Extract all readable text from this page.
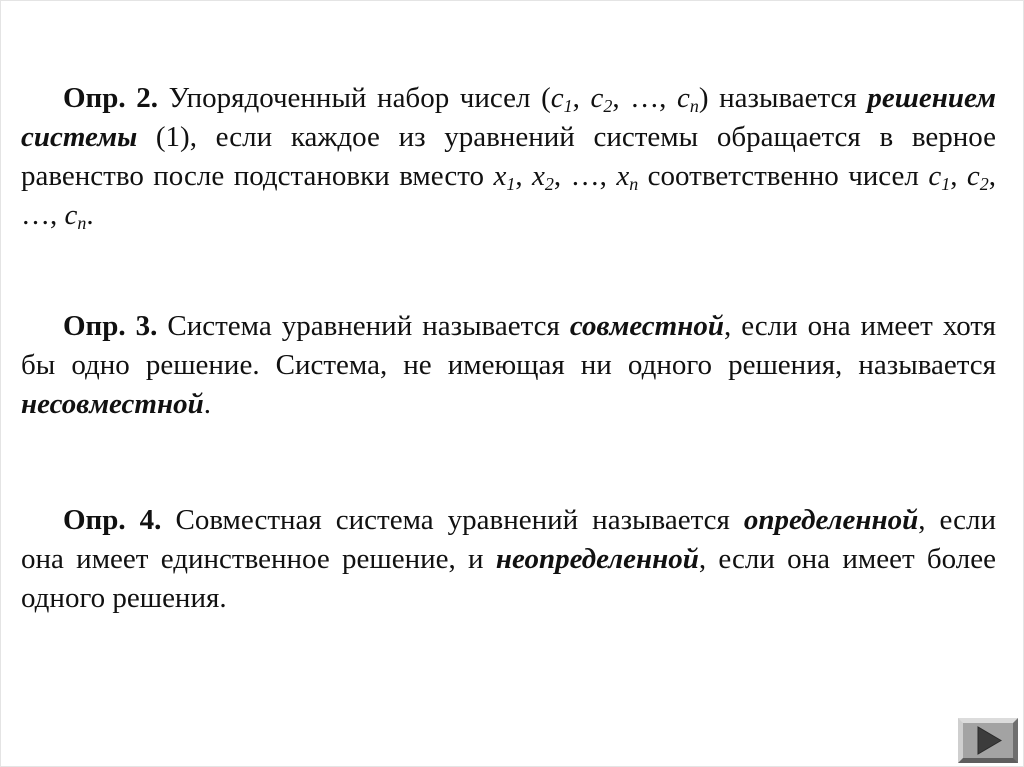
Опр. 2. Упорядоченный набор чисел ($c_1$, $c_2$, …, $c_n$) называется решением системы (1), если каждое из уравнений системы обращается в верное равенство после подстановки вместо $x_1$, $x_2$, …, $x_n$ соответственно чисел $c_1$, $c_2$, …, $c_n$.

Опр. 3. Система уравнений называется совместной, если она имеет хотя бы одно решение. Система, не имеющая ни одного решения, называется несовместной.

Опр. 4. Совместная система уравнений называется определенной, если она имеет единственное решение, и неопределенной, если она имеет более одного решения.
